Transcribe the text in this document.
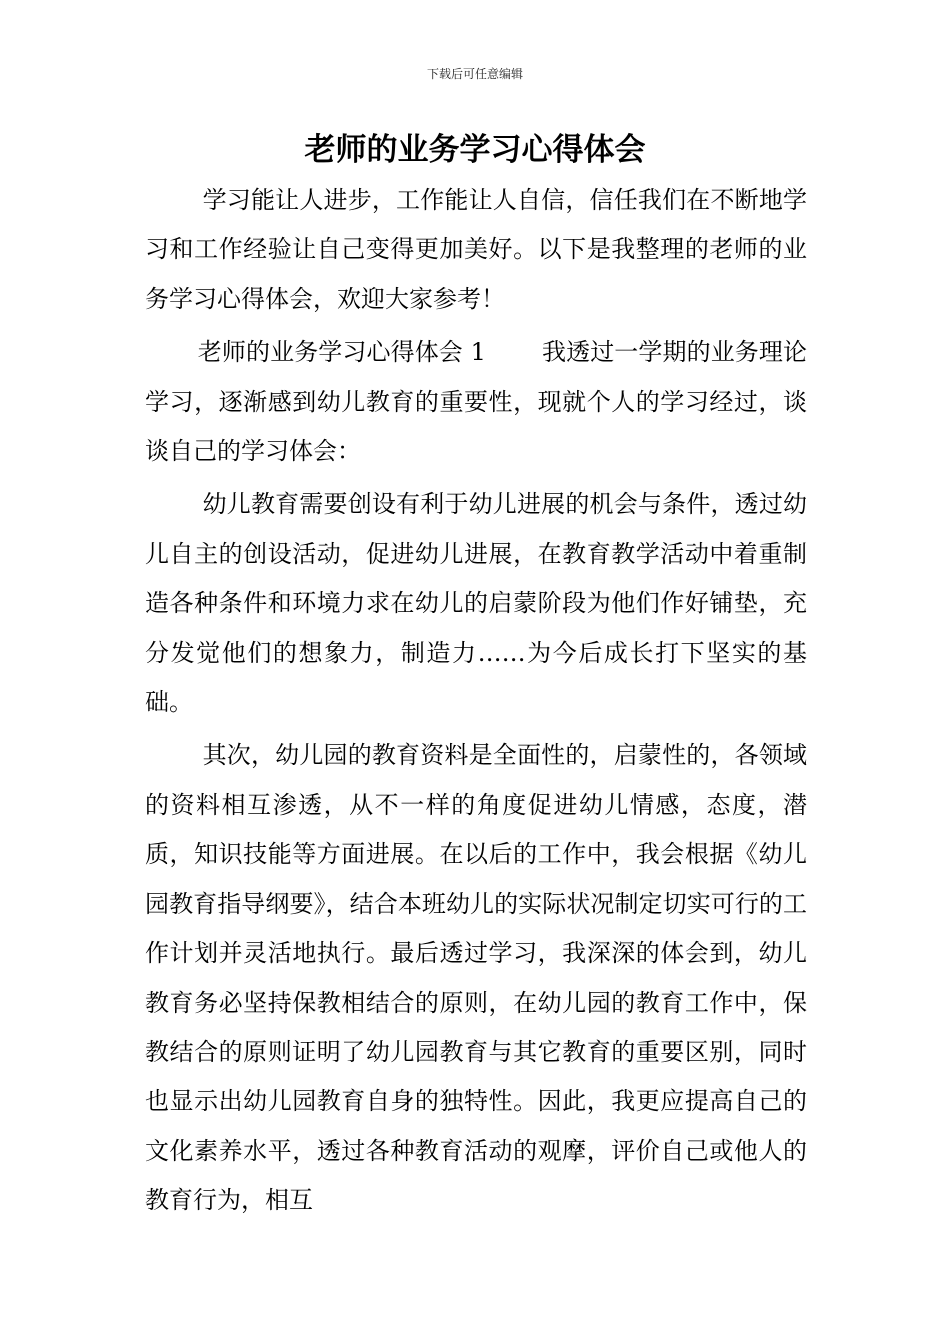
下载后可任意编辑
老师的业务学习心得体会

学习能让人进步，工作能让人自信，信任我们在不断地学习和工作经验让自己变得更加美好。以下是我整理的老师的业务学习心得体会，欢迎大家参考！

老师的业务学习心得体会 1 我透过一学期的业务理论学习，逐渐感到幼儿教育的重要性，现就个人的学习经过，谈谈自己的学习体会：

幼儿教育需要创设有利于幼儿进展的机会与条件，透过幼儿自主的创设活动，促进幼儿进展，在教育教学活动中着重制造各种条件和环境力求在幼儿的启蒙阶段为他们作好铺垫，充分发觉他们的想象力，制造力……为今后成长打下坚实的基础。

其次，幼儿园的教育资料是全面性的，启蒙性的，各领域的资料相互渗透，从不一样的角度促进幼儿情感，态度，潜质，知识技能等方面进展。在以后的工作中，我会根据《幼儿园教育指导纲要》，结合本班幼儿的实际状况制定切实可行的工作计划并灵活地执行。最后透过学习，我深深的体会到，幼儿教育务必坚持保教相结合的原则，在幼儿园的教育工作中，保教结合的原则证明了幼儿园教育与其它教育的重要区别，同时也显示出幼儿园教育自身的独特性。因此，我更应提高自己的文化素养水平，透过各种教育活动的观摩，评价自己或他人的教育行为，相互
